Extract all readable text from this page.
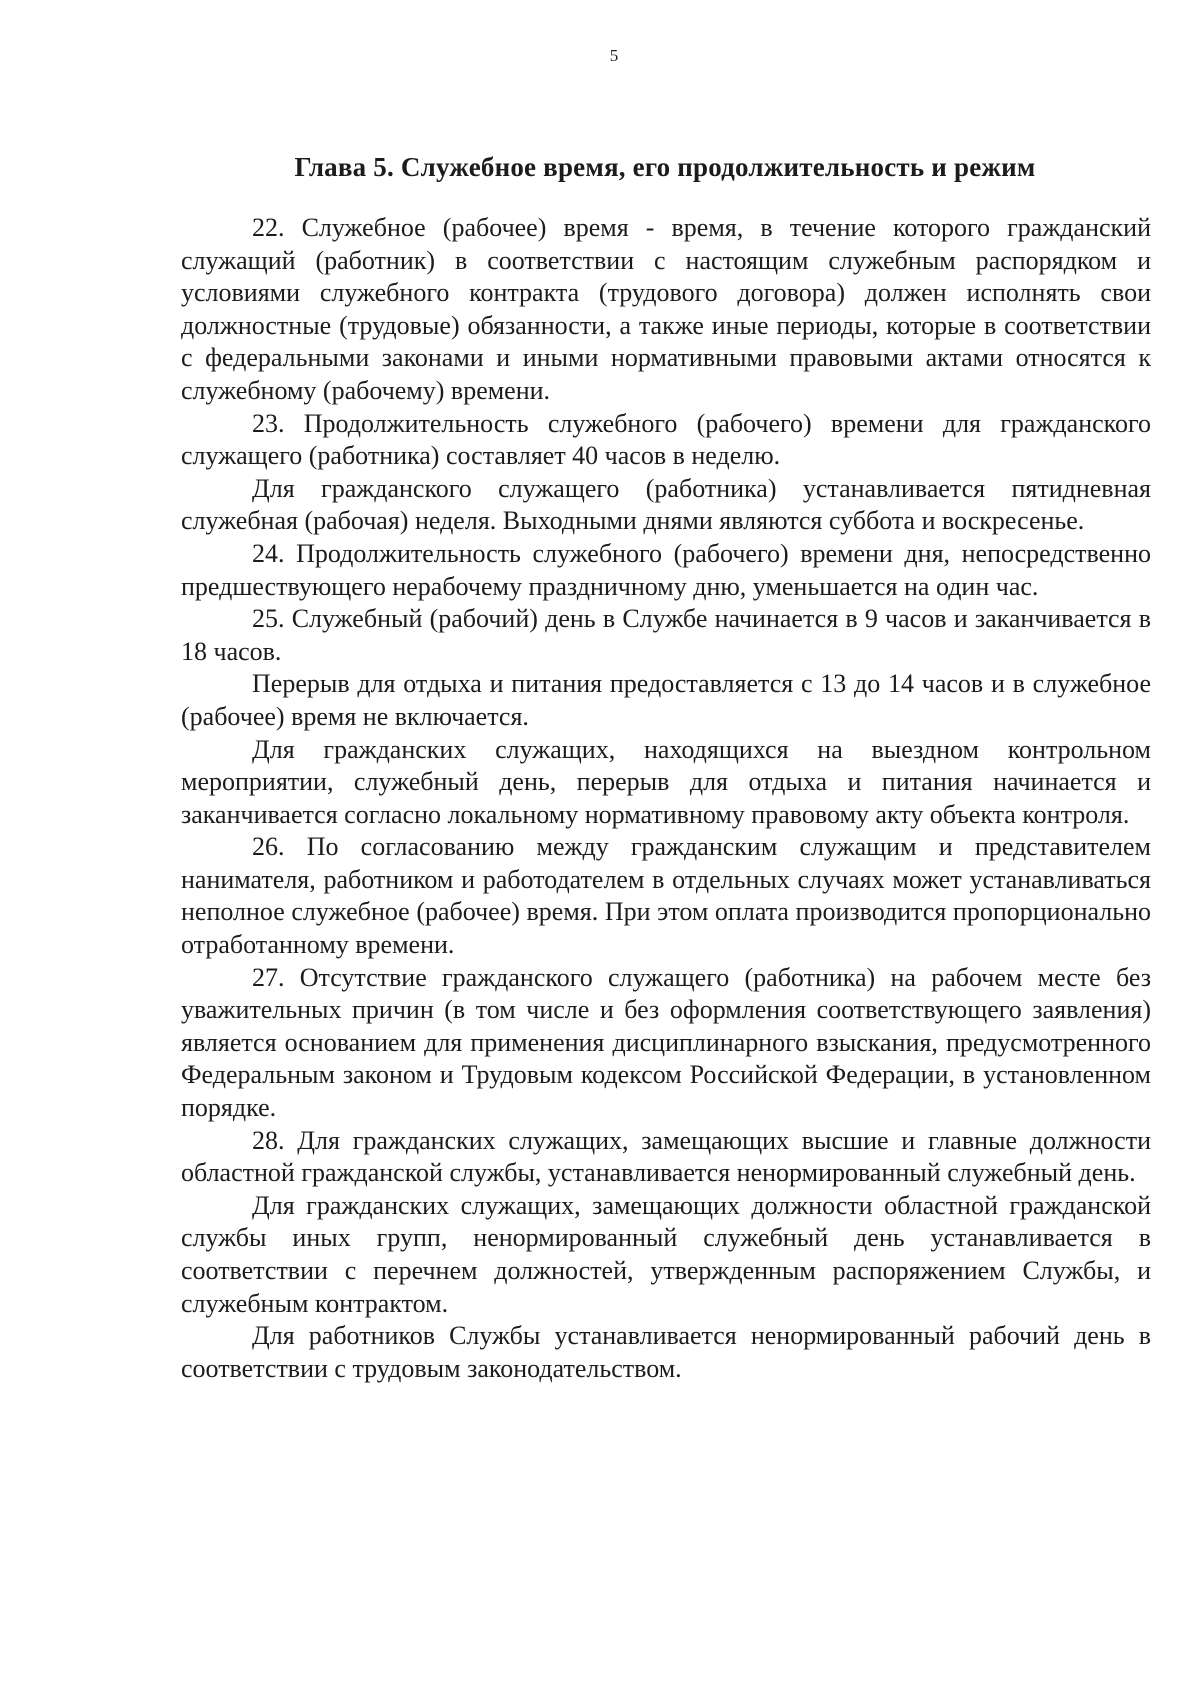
5
Глава 5. Служебное время, его продолжительность и режим

22. Служебное (рабочее) время - время, в течение которого гражданский служащий (работник) в соответствии с настоящим служебным распорядком и условиями служебного контракта (трудового договора) должен исполнять свои должностные (трудовые) обязанности, а также иные периоды, которые в соответствии с федеральными законами и иными нормативными правовыми актами относятся к служебному (рабочему) времени.

23. Продолжительность служебного (рабочего) времени для гражданского служащего (работника) составляет 40 часов в неделю.

Для гражданского служащего (работника) устанавливается пятидневная служебная (рабочая) неделя. Выходными днями являются суббота и воскресенье.

24. Продолжительность служебного (рабочего) времени дня, непосредственно предшествующего нерабочему праздничному дню, уменьшается на один час.

25. Служебный (рабочий) день в Службе начинается в 9 часов и заканчивается в 18 часов.

Перерыв для отдыха и питания предоставляется с 13 до 14 часов и в служебное (рабочее) время не включается.

Для гражданских служащих, находящихся на выездном контрольном мероприятии, служебный день, перерыв для отдыха и питания начинается и заканчивается согласно локальному нормативному правовому акту объекта контроля.

26. По согласованию между гражданским служащим и представителем нанимателя, работником и работодателем в отдельных случаях может устанавливаться неполное служебное (рабочее) время. При этом оплата производится пропорционально отработанному времени.

27. Отсутствие гражданского служащего (работника) на рабочем месте без уважительных причин (в том числе и без оформления соответствующего заявления) является основанием для применения дисциплинарного взыскания, предусмотренного Федеральным законом и Трудовым кодексом Российской Федерации, в установленном порядке.

28. Для гражданских служащих, замещающих высшие и главные должности областной гражданской службы, устанавливается ненормированный служебный день.

Для гражданских служащих, замещающих должности областной гражданской службы иных групп, ненормированный служебный день устанавливается в соответствии с перечнем должностей, утвержденным распоряжением Службы, и служебным контрактом.

Для работников Службы устанавливается ненормированный рабочий день в соответствии с трудовым законодательством.
